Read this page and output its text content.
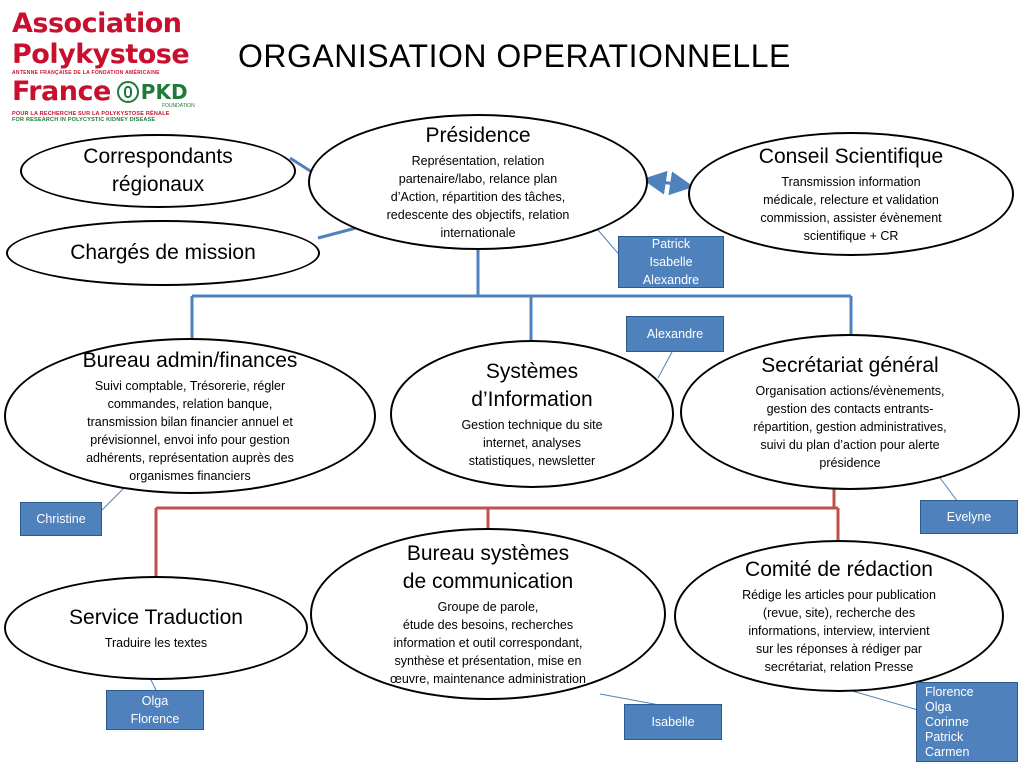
Association
Polykystose
ANTENNE FRANÇAISE DE LA FONDATION AMÉRICAINE
France PKD
FOUNDATION
POUR LA RECHERCHE SUR LA POLYKYSTOSE RÉNALE
FOR RESEARCH IN POLYCYSTIC KIDNEY DISEASE
ORGANISATION OPERATIONNELLE
Présidence
Représentation, relation
partenaire/labo, relance plan
d’Action, répartition des tâches,
redescente des objectifs, relation
internationale
Correspondants
régionaux
Chargés de mission
Conseil Scientifique
Transmission information
médicale, relecture et validation
commission, assister évènement
scientifique + CR
Bureau admin/finances
Suivi comptable, Trésorerie, régler
commandes, relation banque,
transmission bilan financier annuel et
prévisionnel, envoi info pour gestion
adhérents, représentation auprès des
organismes financiers
Systèmes
d’Information
Gestion technique du site
internet, analyses
statistiques, newsletter
Secrétariat général
Organisation actions/évènements,
gestion des contacts entrants-
répartition, gestion administratives,
suivi du plan d’action pour alerte
présidence
Service Traduction
Traduire les textes
Bureau systèmes
de communication
Groupe de parole,
étude des besoins, recherches
information et outil correspondant,
synthèse et présentation, mise en
œuvre, maintenance administration
Comité de rédaction
Rédige les articles pour publication
(revue, site), recherche des
informations, interview, intervient
sur les réponses à rédiger par
secrétariat, relation Presse
Patrick
Isabelle
Alexandre
Alexandre
Christine	Evelyne
Olga
Florence	Isabelle
Florence
Olga
Corinne
Patrick
Carmen
